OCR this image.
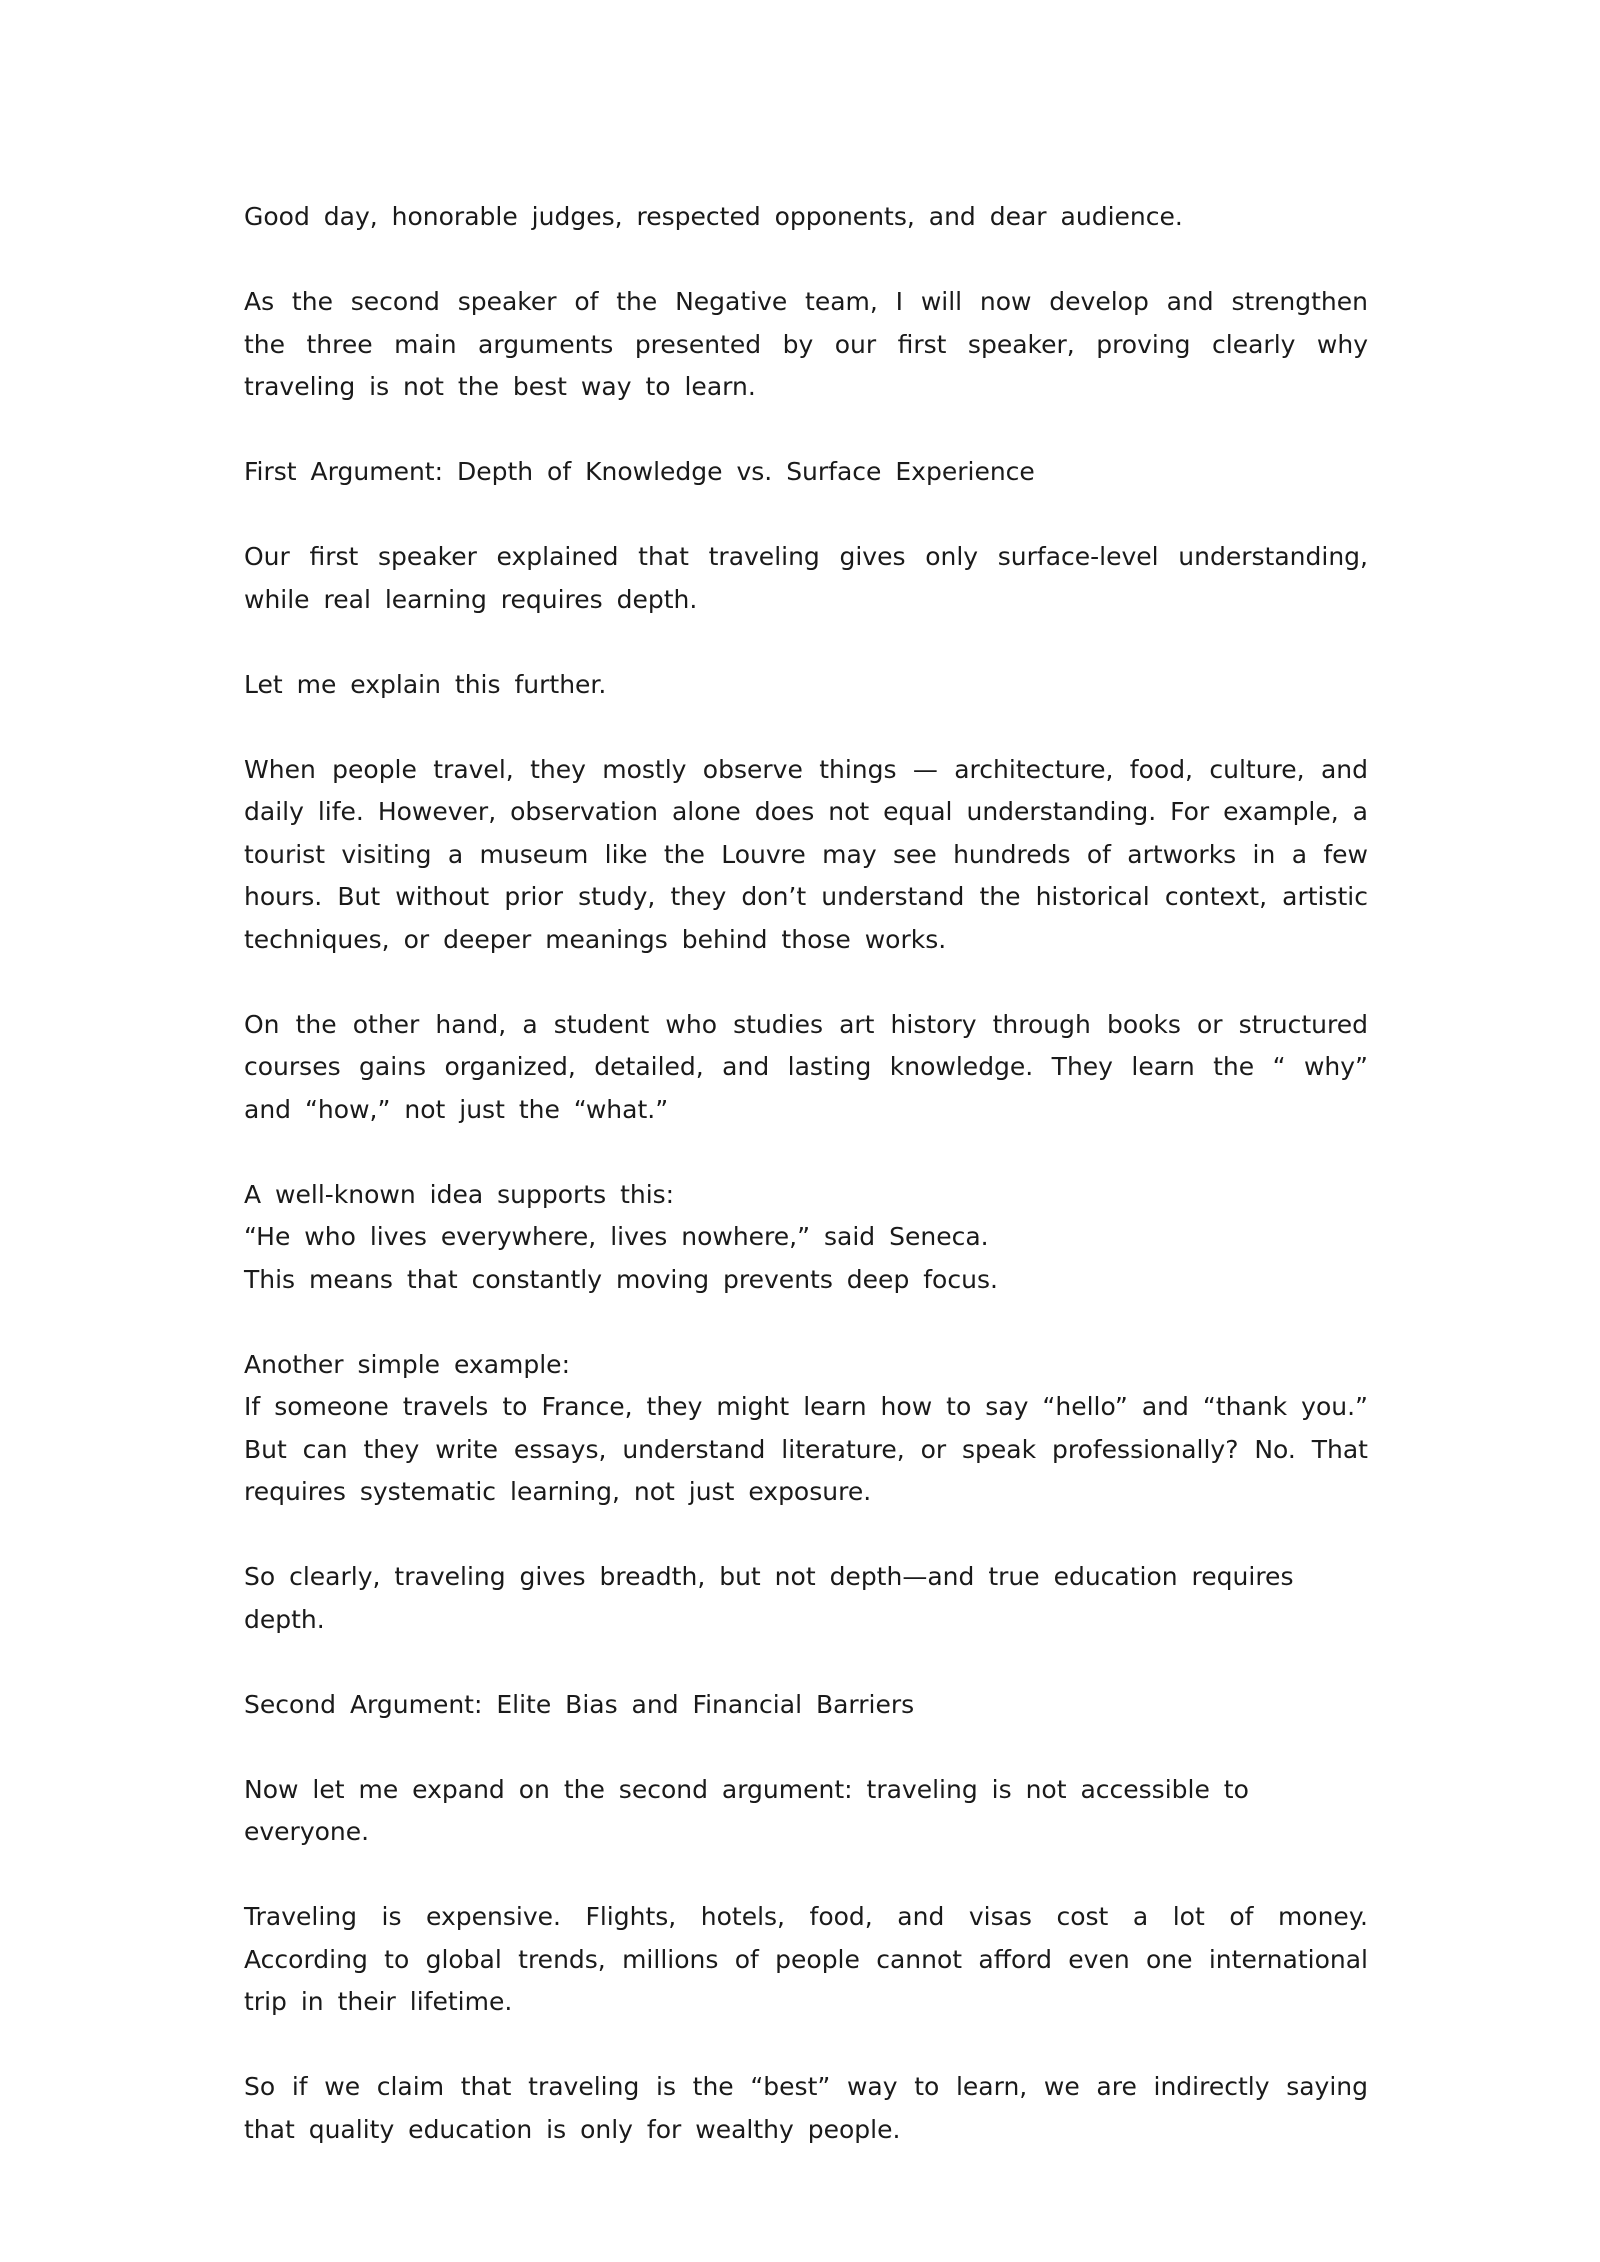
Good day, honorable judges, respected opponents, and dear audience.

As the second speaker of the Negative team, I will now develop and strengthen the three main arguments presented by our first speaker, proving clearly why traveling is not the best way to learn.

First Argument: Depth of Knowledge vs. Surface Experience

Our first speaker explained that traveling gives only surface-level understanding, while real learning requires depth.

Let me explain this further.

When people travel, they mostly observe things — architecture, food, culture, and daily life. However, observation alone does not equal understanding. For example, a tourist visiting a museum like the Louvre may see hundreds of artworks in a few hours. But without prior study, they don’t understand the historical context, artistic techniques, or deeper meanings behind those works.

On the other hand, a student who studies art history through books or structured courses gains organized, detailed, and lasting knowledge. They learn the “ why” and “how,” not just the “what.”

A well-known idea supports this:
“He who lives everywhere, lives nowhere,” said Seneca.
This means that constantly moving prevents deep focus.

Another simple example:
If someone travels to France, they might learn how to say “hello” and “thank you.” But can they write essays, understand literature, or speak professionally? No. That requires systematic learning, not just exposure.

So clearly, traveling gives breadth, but not depth—and true education requires depth.

Second Argument: Elite Bias and Financial Barriers

Now let me expand on the second argument: traveling is not accessible to everyone.

Traveling is expensive. Flights, hotels, food, and visas cost a lot of money. According to global trends, millions of people cannot afford even one international trip in their lifetime.

So if we claim that traveling is the “best” way to learn, we are indirectly saying that quality education is only for wealthy people.
